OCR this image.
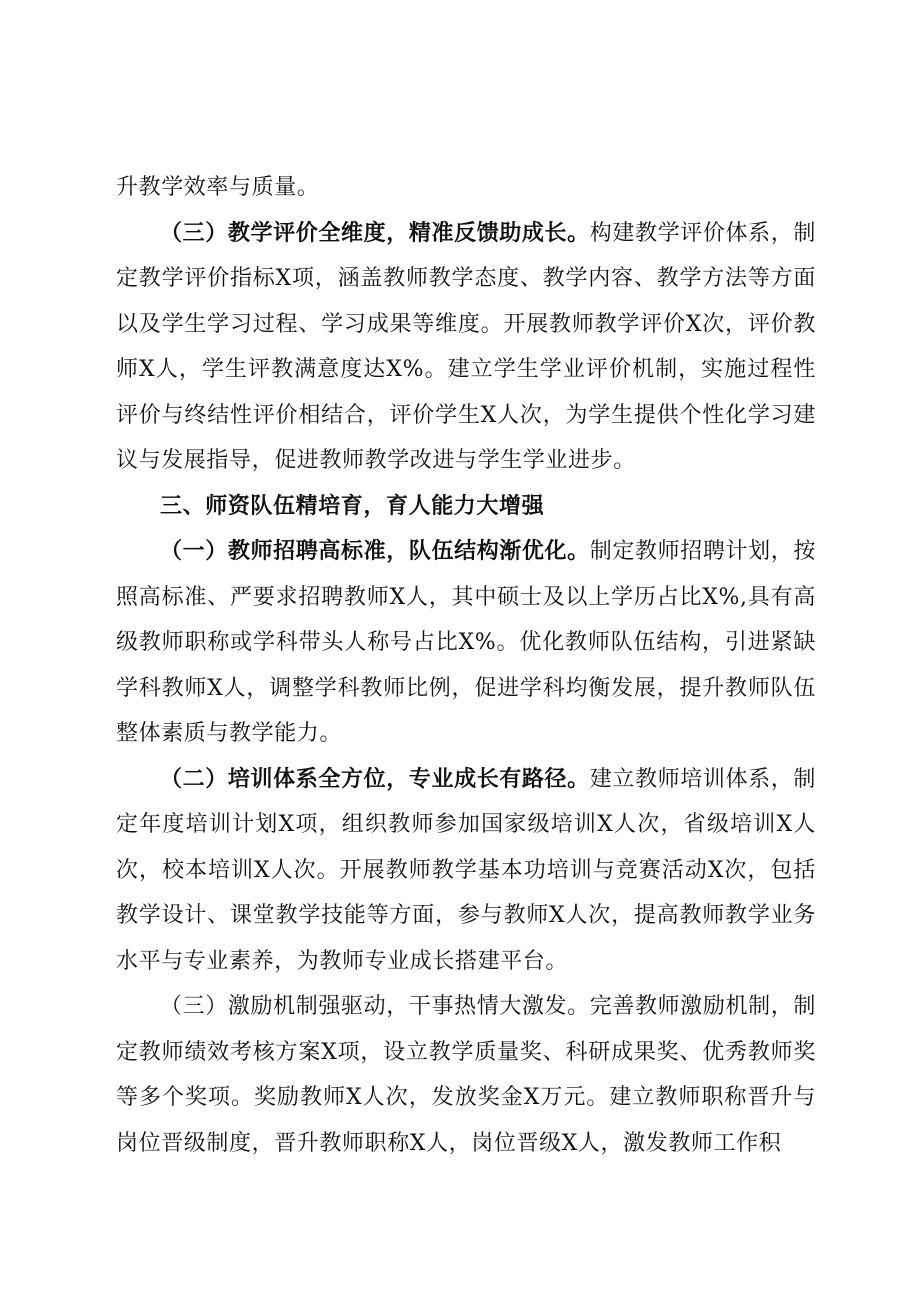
升教学效率与质量。

（三）教学评价全维度，精准反馈助成长。构建教学评价体系，制定教学评价指标X项，涵盖教师教学态度、教学内容、教学方法等方面以及学生学习过程、学习成果等维度。开展教师教学评价X次，评价教师X人，学生评教满意度达X%。建立学生学业评价机制，实施过程性评价与终结性评价相结合，评价学生X人次，为学生提供个性化学习建议与发展指导，促进教师教学改进与学生学业进步。

三、师资队伍精培育，育人能力大增强

（一）教师招聘高标准，队伍结构渐优化。制定教师招聘计划，按照高标准、严要求招聘教师X人，其中硕士及以上学历占比X%,具有高级教师职称或学科带头人称号占比X%。优化教师队伍结构，引进紧缺学科教师X人，调整学科教师比例，促进学科均衡发展，提升教师队伍整体素质与教学能力。

（二）培训体系全方位，专业成长有路径。建立教师培训体系，制定年度培训计划X项，组织教师参加国家级培训X人次，省级培训X人次，校本培训X人次。开展教师教学基本功培训与竞赛活动X次，包括教学设计、课堂教学技能等方面，参与教师X人次，提高教师教学业务水平与专业素养，为教师专业成长搭建平台。

（三）激励机制强驱动，干事热情大激发。完善教师激励机制，制定教师绩效考核方案X项，设立教学质量奖、科研成果奖、优秀教师奖等多个奖项。奖励教师X人次，发放奖金X万元。建立教师职称晋升与岗位晋级制度，晋升教师职称X人，岗位晋级X人，激发教师工作积
